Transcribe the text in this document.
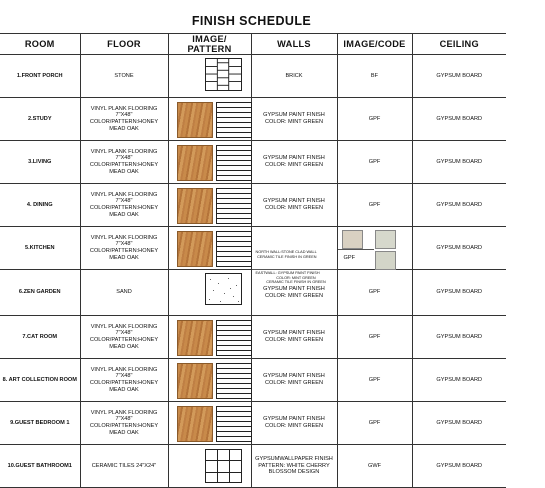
FINISH SCHEDULE
ROOM	FLOOR	IMAGE/ PATTERN	WALLS	IMAGE/CODE	CEILING
1.FRONT PORCH	STONE		BRICK	BF	GYPSUM BOARD
2.STUDY	VINYL PLANK FLOORING 7"X48" COLOR/PATTERN:HONEY MEAD OAK		GYPSUM PAINT FINISH COLOR: MINT GREEN	GPF	GYPSUM BOARD
3.LIVING	VINYL PLANK FLOORING 7"X48" COLOR/PATTERN:HONEY MEAD OAK		GYPSUM PAINT FINISH COLOR: MINT GREEN	GPF	GYPSUM BOARD
4. DINING	VINYL PLANK FLOORING 7"X48" COLOR/PATTERN:HONEY MEAD OAK		GYPSUM PAINT FINISH COLOR: MINT GREEN	GPF	GYPSUM BOARD
5.KITCHEN	VINYL PLANK FLOORING 7"X48" COLOR/PATTERN:HONEY MEAD OAK		NORTH WALL:STONE CLAD WALL
CERAMIC TILE FINISH IN GREEN
EASTWALL: GYPSUM PAINT FINISH
COLOR: MINT GREEN
CERAMIC TILE FINISH IN GREEN	GPF	GYPSUM BOARD
6.ZEN GARDEN	SAND		GYPSUM PAINT FINISH COLOR: MINT GREEN	GPF	GYPSUM BOARD
7.CAT ROOM	VINYL PLANK FLOORING 7"X48" COLOR/PATTERN:HONEY MEAD OAK		GYPSUM PAINT FINISH COLOR: MINT GREEN	GPF	GYPSUM BOARD
8. ART COLLECTION ROOM	VINYL PLANK FLOORING 7"X48" COLOR/PATTERN:HONEY MEAD OAK		GYPSUM PAINT FINISH COLOR: MINT GREEN	GPF	GYPSUM BOARD
9.GUEST BEDROOM 1	VINYL PLANK FLOORING 7"X48" COLOR/PATTERN:HONEY MEAD OAK		GYPSUM PAINT FINISH COLOR: MINT GREEN	GPF	GYPSUM BOARD
10.GUEST BATHROOM1	CERAMIC TILES 24"X24"		GYPSUMWALLPAPER FINISH PATTERN: WHITE CHERRY BLOSSOM DESIGN	GWF	GYPSUM BOARD
